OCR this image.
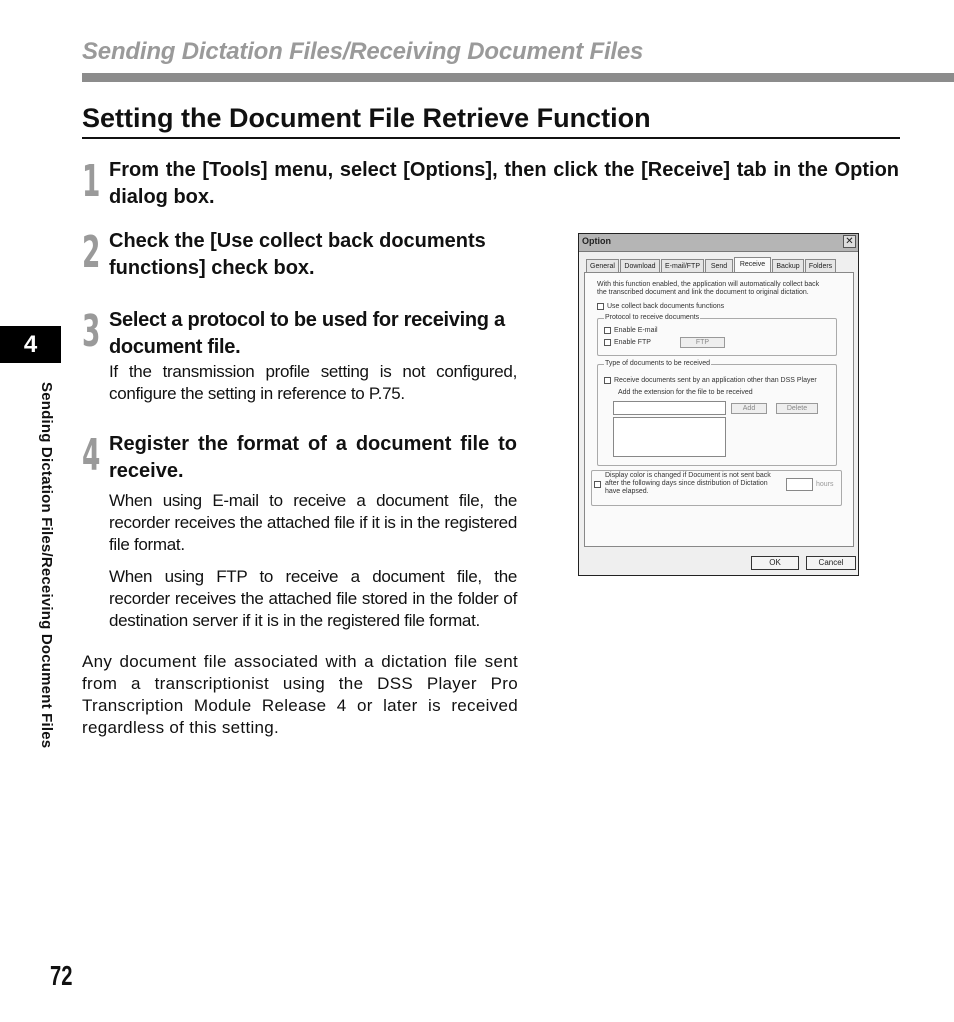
Sending Dictation Files/Receiving Document Files
Setting the Document File Retrieve Function
1 From the [Tools] menu, select [Options], then click the [Receive] tab in the Option dialog box.
2 Check the [Use collect back documents functions] check box.
3 Select a protocol to be used for receiving a document file.
If the transmission profile setting is not configured, configure the setting in reference to P.75.
4 Register the format of a document file to receive.
When using E-mail to receive a document file, the recorder receives the attached file if it is in the registered file format.
When using FTP to receive a document file, the recorder receives the attached file stored in the folder of destination server if it is in the registered file format.
Any document file associated with a dictation file sent from a transcriptionist using the DSS Player Pro Transcription Module Release 4 or later is received regardless of this setting.
4
Sending Dictation Files/Receiving Document Files
72
Option	✕
General	Download	E-mail/FTP	Send	Receive	Backup	Folders
With this function enabled, the application will automatically collect back
the transcribed document and link the document to original dictation.
Use collect back documents functions
Protocol to receive documents
Enable E-mail
Enable FTP	FTP
Type of documents to be received
Receive documents sent by an application other than DSS Player
Add the extension for the file to be received
Add	Delete
Display color is changed if Document is not sent back
after the following days since distribution of Dictation
have elapsed.
hours
OK	Cancel
